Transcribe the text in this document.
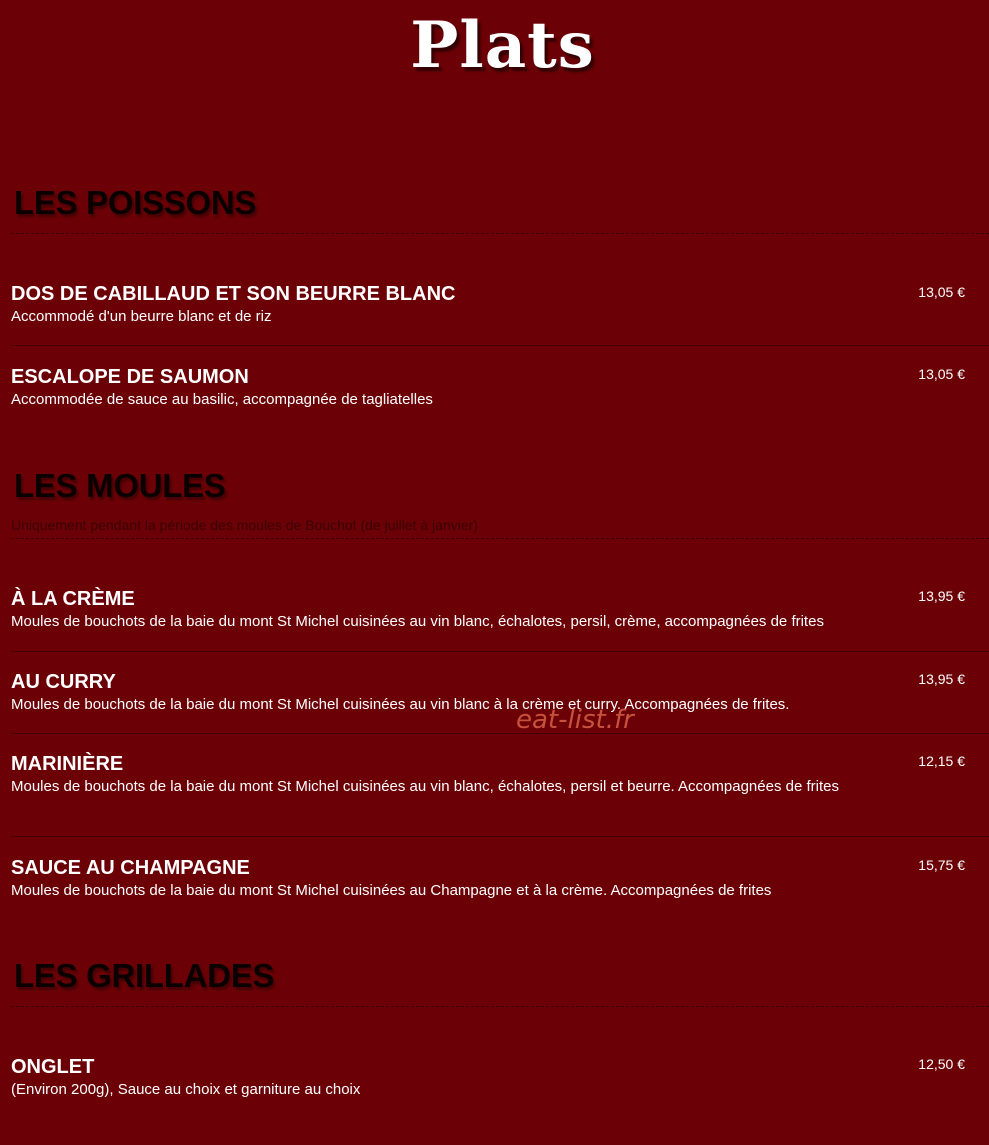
Plats
LES POISSONS
DOS DE CABILLAUD ET SON BEURRE BLANC
Accommodé d'un beurre blanc et de riz
13,05 €
ESCALOPE DE SAUMON
Accommodée de sauce au basilic, accompagnée de tagliatelles
13,05 €
LES MOULES
Uniquement pendant la période des moules de Bouchot (de juillet à janvier)
À LA CRÈME
Moules de bouchots de la baie du mont St Michel cuisinées au vin blanc, échalotes, persil, crème, accompagnées de frites
13,95 €
AU CURRY
Moules de bouchots de la baie du mont St Michel cuisinées au vin blanc à la crème et curry. Accompagnées de frites.
13,95 €
MARINIÈRE
Moules de bouchots de la baie du mont St Michel cuisinées au vin blanc, échalotes, persil et beurre. Accompagnées de frites
12,15 €
SAUCE AU CHAMPAGNE
Moules de bouchots de la baie du mont St Michel cuisinées au Champagne et à la crème. Accompagnées de frites
15,75 €
LES GRILLADES
ONGLET
(Environ 200g), Sauce au choix et garniture au choix
12,50 €
eat-list.fr
